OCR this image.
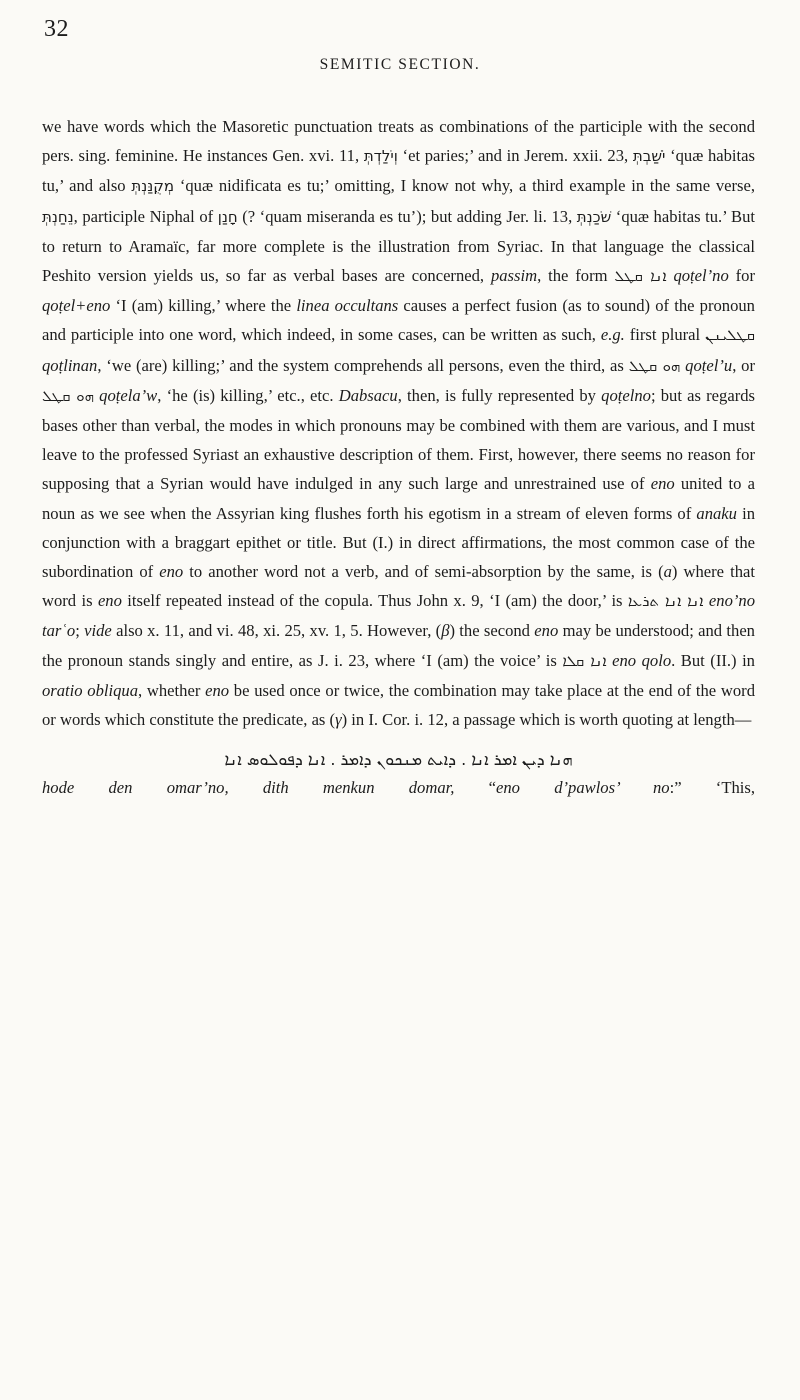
32
SEMITIC SECTION.

we have words which the Masoretic punctuation treats as combinations of the participle with the second pers. sing. feminine. He instances Gen. xvi. 11, וְיֹלַדְתְּ ‘et paries;’ and in Jerem. xxii. 23, יֹשַׁבְתְּ ‘quæ habitas tu,’ and also מְקֻנַּנְתְּ ‘quæ nidificata es tu;’ omitting, I know not why, a third example in the same verse, נֵחַנְתְּ, participle Niphal of חָנַן (? ‘quam miseranda es tu’); but adding Jer. li. 13, שֹׁכַנְתְּ ‘quæ habitas tu.’ But to return to Aramaïc, far more complete is the illustration from Syriac. In that language the classical Peshito version yields us, so far as verbal bases are concerned, passim, the form ܐܢܐ ܩܛܠ qoṭel’no for qoṭel+eno ‘I (am) killing,’ where the linea occultans causes a perfect fusion (as to sound) of the pronoun and participle into one word, which indeed, in some cases, can be written as such, e.g. first plural ܩܛܠܝܢܢ qoṭlinan, ‘we (are) killing;’ and the system comprehends all persons, even the third, as ܗܘ ܩܛܠ qoṭel’u, or ܗܘ ܩܛܠ qoṭela’w, ‘he (is) killing,’ etc., etc. Dabsacu, then, is fully represented by qoṭelno; but as regards bases other than verbal, the modes in which pronouns may be combined with them are various, and I must leave to the professed Syriast an exhaustive description of them. First, however, there seems no reason for supposing that a Syrian would have indulged in any such large and unrestrained use of eno united to a noun as we see when the Assyrian king flushes forth his egotism in a stream of eleven forms of anaku in conjunction with a braggart epithet or title. But (I.) in direct affirmations, the most common case of the subordination of eno to another word not a verb, and of semi-absorption by the same, is (a) where that word is eno itself repeated instead of the copula. Thus John x. 9, ‘I (am) the door,’ is ܐܢܐ ܐܢܐ ܬܪܥܐ eno’no tarʿo; vide also x. 11, and vi. 48, xi. 25, xv. 1, 5. However, (β) the second eno may be understood; and then the pronoun stands singly and entire, as J. i. 23, where ‘I (am) the voice’ is ܐܢܐ ܩܠܐ eno qolo. But (II.) in oratio obliqua, whether eno be used once or twice, the combination may take place at the end of the word or words which constitute the predicate, as (γ) in I. Cor. i. 12, a passage which is worth quoting at length—

ܗܢܐ ܕܝܢ ܐܡܪ ܐܢܐ . ܕܐܝܬ ܡܢܟܘܢ ܕܐܡܪ . ܐܢܐ ܕܦܘܠܘܣ ܐܢܐ

hode den omar’no, dith menkun domar, “eno d’pawlos’ no:” ‘This,
